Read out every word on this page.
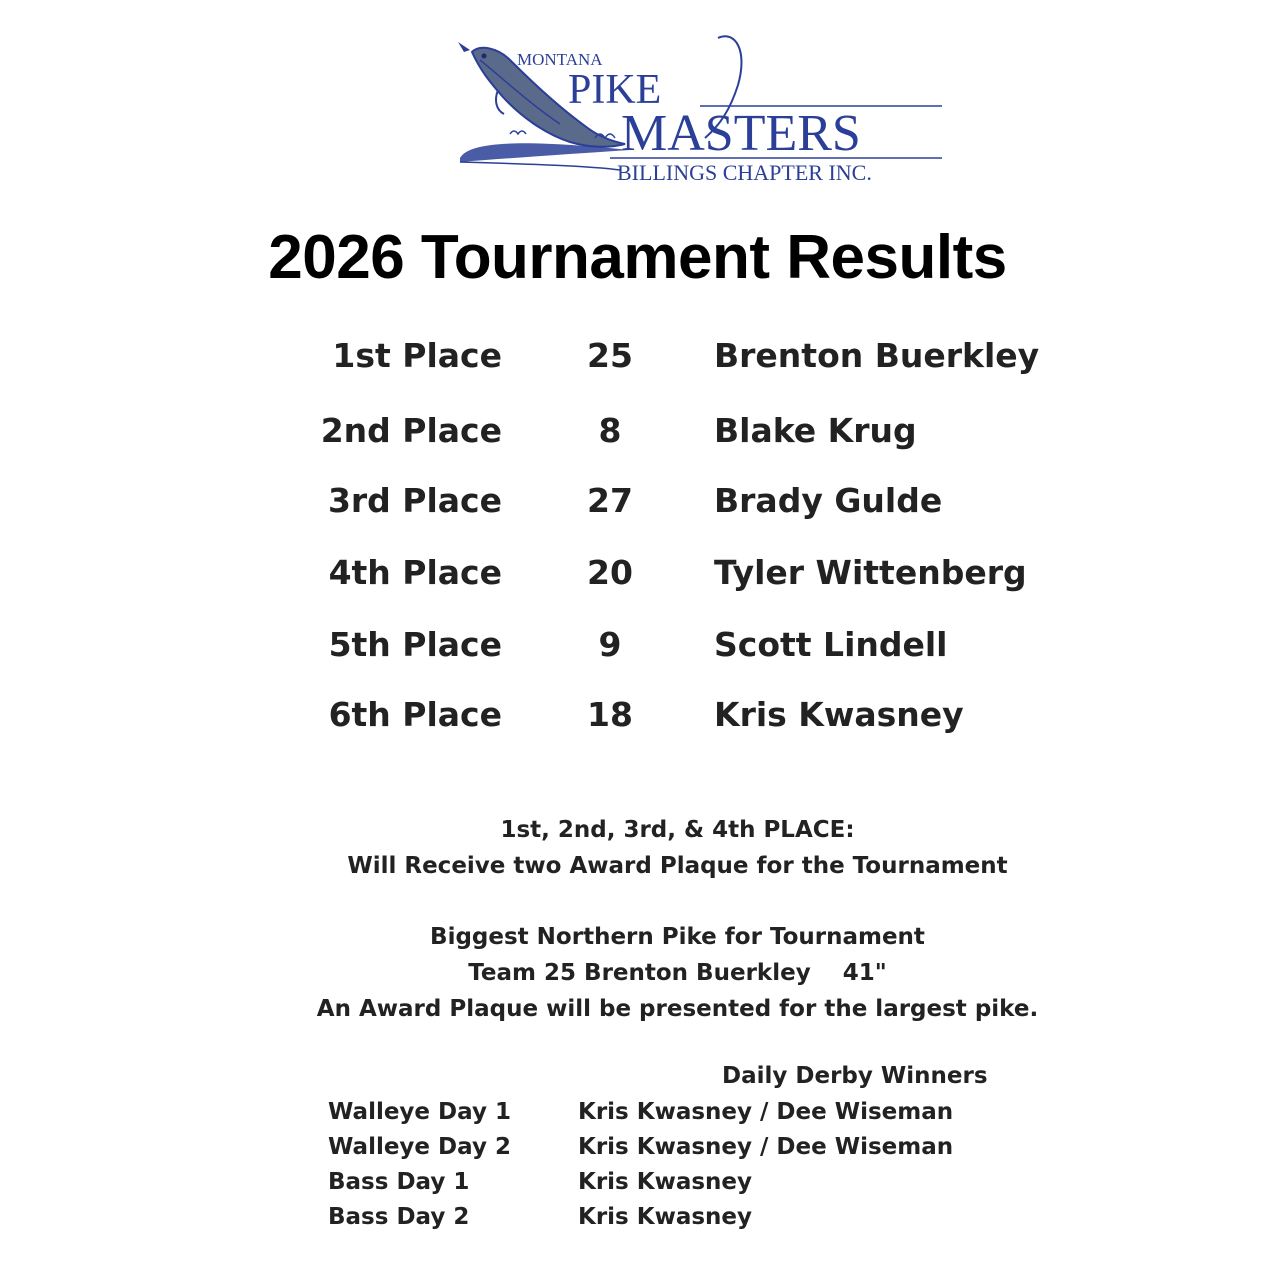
MONTANA
PIKE
MASTERS
BILLINGS CHAPTER INC.
2026 Tournament Results
1st Place	25	Brenton Buerkley
2nd Place	8	Blake Krug
3rd Place	27	Brady Gulde
4th Place	20	Tyler Wittenberg
5th Place	9	Scott Lindell
6th Place	18	Kris Kwasney
1st, 2nd, 3rd, & 4th PLACE:
Will Receive two Award Plaque for the Tournament
Biggest Northern Pike for Tournament
Team 25 Brenton Buerkley    41"
An Award Plaque will be presented for the largest pike.
Daily Derby Winners
Walleye Day 1	Kris Kwasney / Dee Wiseman
Walleye Day 2	Kris Kwasney / Dee Wiseman
Bass Day 1	Kris Kwasney
Bass Day 2	Kris Kwasney
